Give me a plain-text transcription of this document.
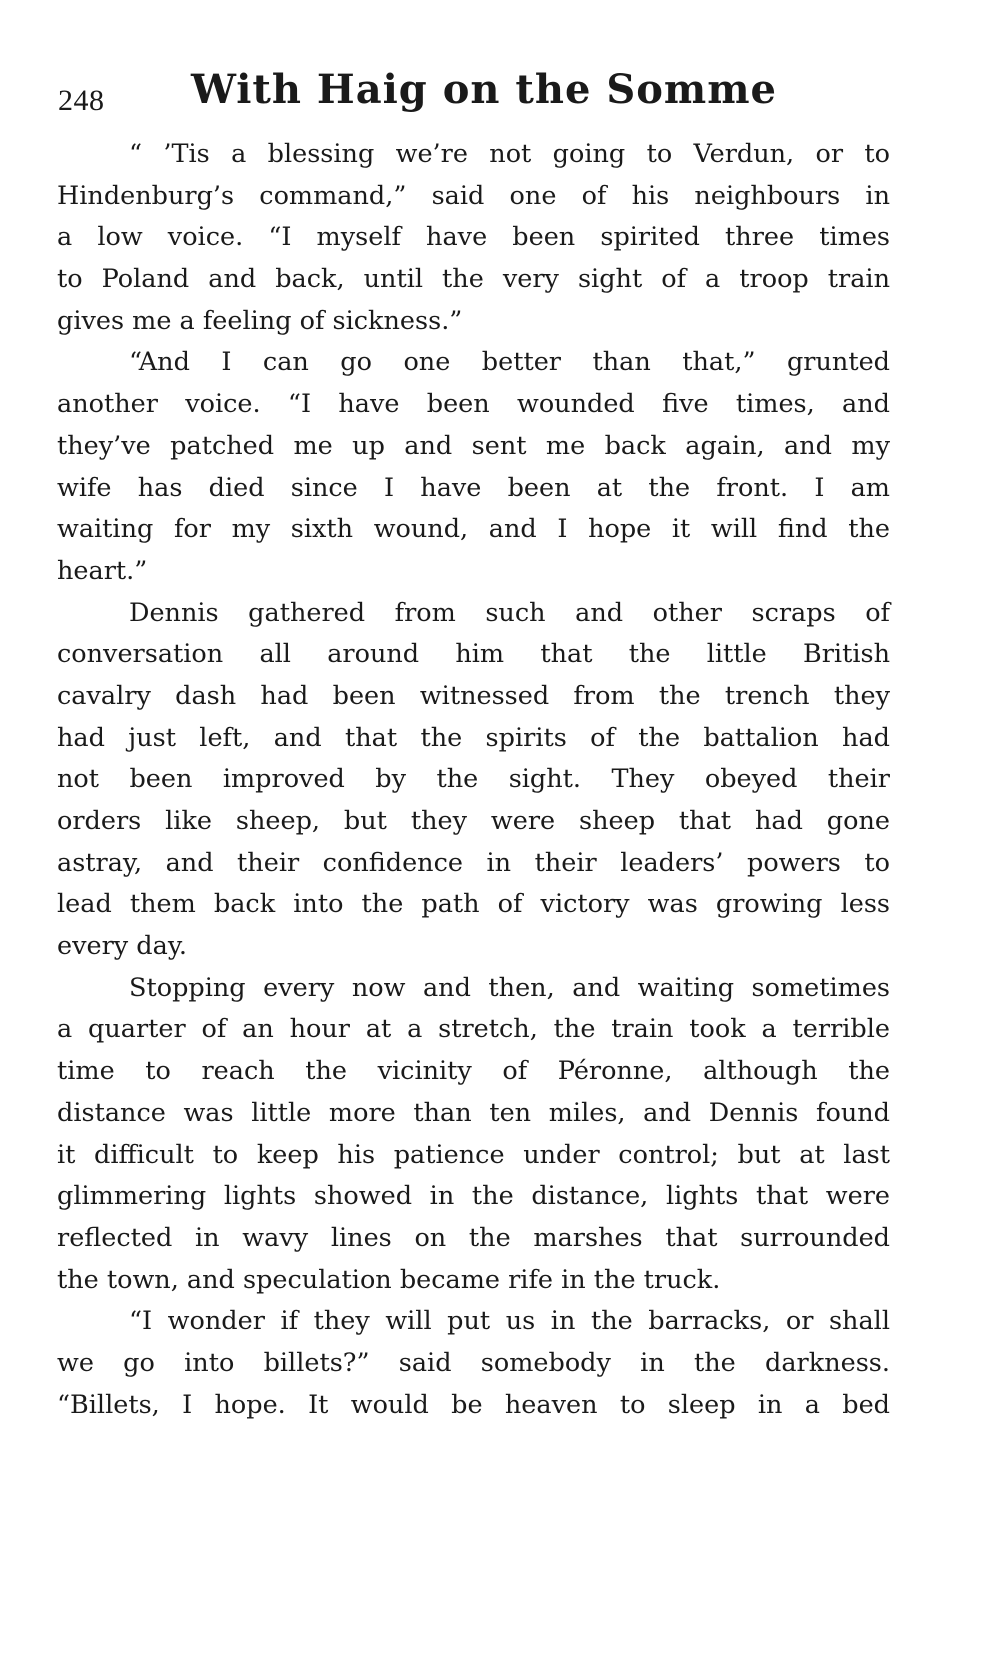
248 With Haig on the Somme
“ ’Tis a blessing we’re not going to Verdun, or to
Hindenburg’s command,” said one of his neighbours in
a low voice. “I myself have been spirited three times
to Poland and back, until the very sight of a troop train
gives me a feeling of sickness.”
“And I can go one better than that,” grunted
another voice. “I have been wounded five times, and
they’ve patched me up and sent me back again, and my
wife has died since I have been at the front. I am
waiting for my sixth wound, and I hope it will find the
heart.”
Dennis gathered from such and other scraps of
conversation all around him that the little British
cavalry dash had been witnessed from the trench they
had just left, and that the spirits of the battalion had
not been improved by the sight. They obeyed their
orders like sheep, but they were sheep that had gone
astray, and their confidence in their leaders’ powers to
lead them back into the path of victory was growing less
every day.
Stopping every now and then, and waiting sometimes
a quarter of an hour at a stretch, the train took a terrible
time to reach the vicinity of Péronne, although the
distance was little more than ten miles, and Dennis found
it difficult to keep his patience under control; but at last
glimmering lights showed in the distance, lights that were
reflected in wavy lines on the marshes that surrounded
the town, and speculation became rife in the truck.
“I wonder if they will put us in the barracks, or shall
we go into billets?” said somebody in the darkness.
“Billets, I hope. It would be heaven to sleep in a bed
